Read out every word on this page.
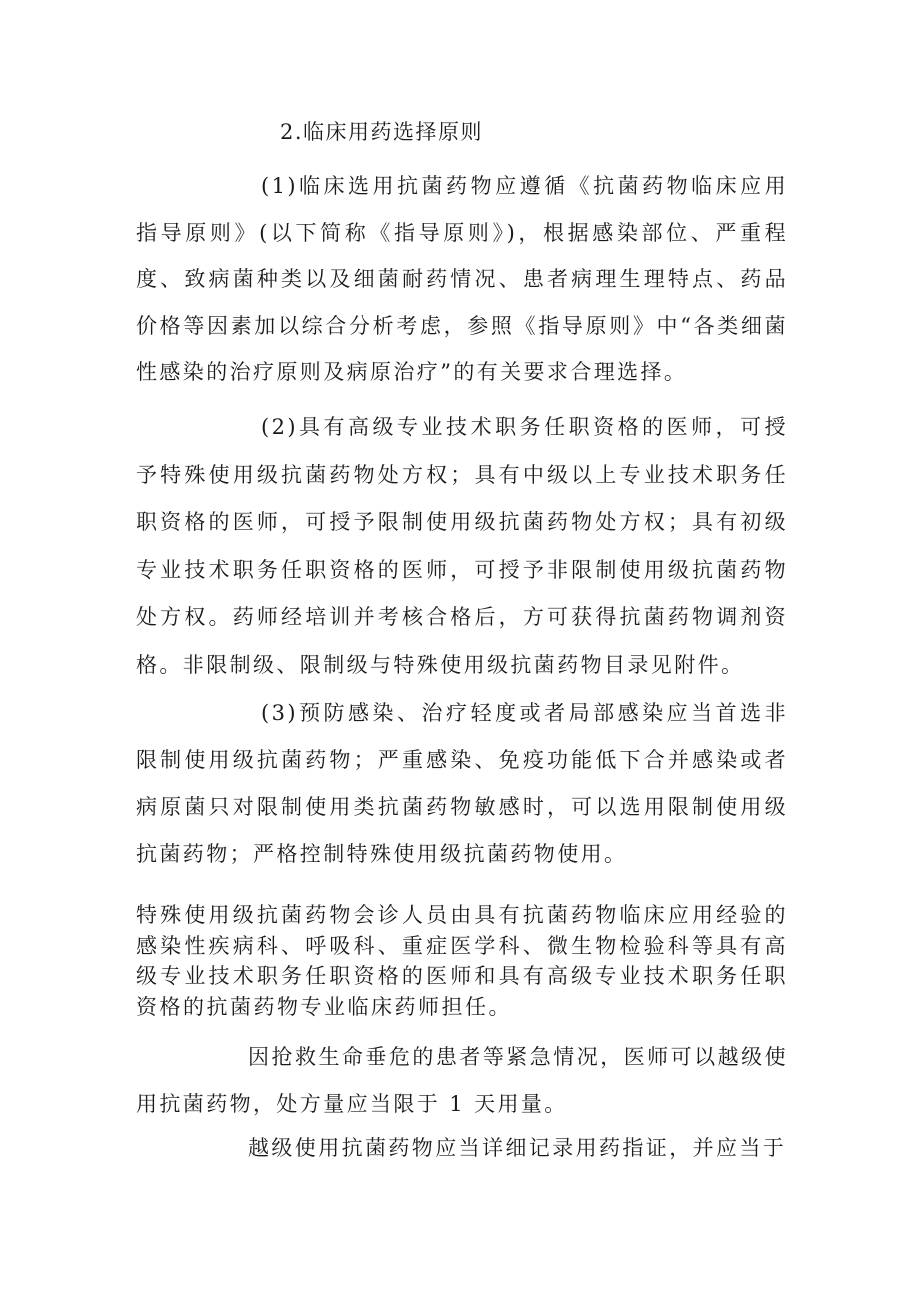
2.临床用药选择原则

(1)临床选用抗菌药物应遵循《抗菌药物临床应用指导原则》(以下简称《指导原则》)，根据感染部位、严重程度、致病菌种类以及细菌耐药情况、患者病理生理特点、药品价格等因素加以综合分析考虑，参照《指导原则》中“各类细菌性感染的治疗原则及病原治疗”的有关要求合理选择。

(2)具有高级专业技术职务任职资格的医师，可授予特殊使用级抗菌药物处方权；具有中级以上专业技术职务任职资格的医师，可授予限制使用级抗菌药物处方权；具有初级专业技术职务任职资格的医师，可授予非限制使用级抗菌药物处方权。药师经培训并考核合格后，方可获得抗菌药物调剂资格。非限制级、限制级与特殊使用级抗菌药物目录见附件。

(3)预防感染、治疗轻度或者局部感染应当首选非限制使用级抗菌药物；严重感染、免疫功能低下合并感染或者病原菌只对限制使用类抗菌药物敏感时，可以选用限制使用级抗菌药物；严格控制特殊使用级抗菌药物使用。

特殊使用级抗菌药物会诊人员由具有抗菌药物临床应用经验的感染性疾病科、呼吸科、重症医学科、微生物检验科等具有高级专业技术职务任职资格的医师和具有高级专业技术职务任职资格的抗菌药物专业临床药师担任。

因抢救生命垂危的患者等紧急情况，医师可以越级使用抗菌药物，处方量应当限于 1 天用量。

越级使用抗菌药物应当详细记录用药指证，并应当于
